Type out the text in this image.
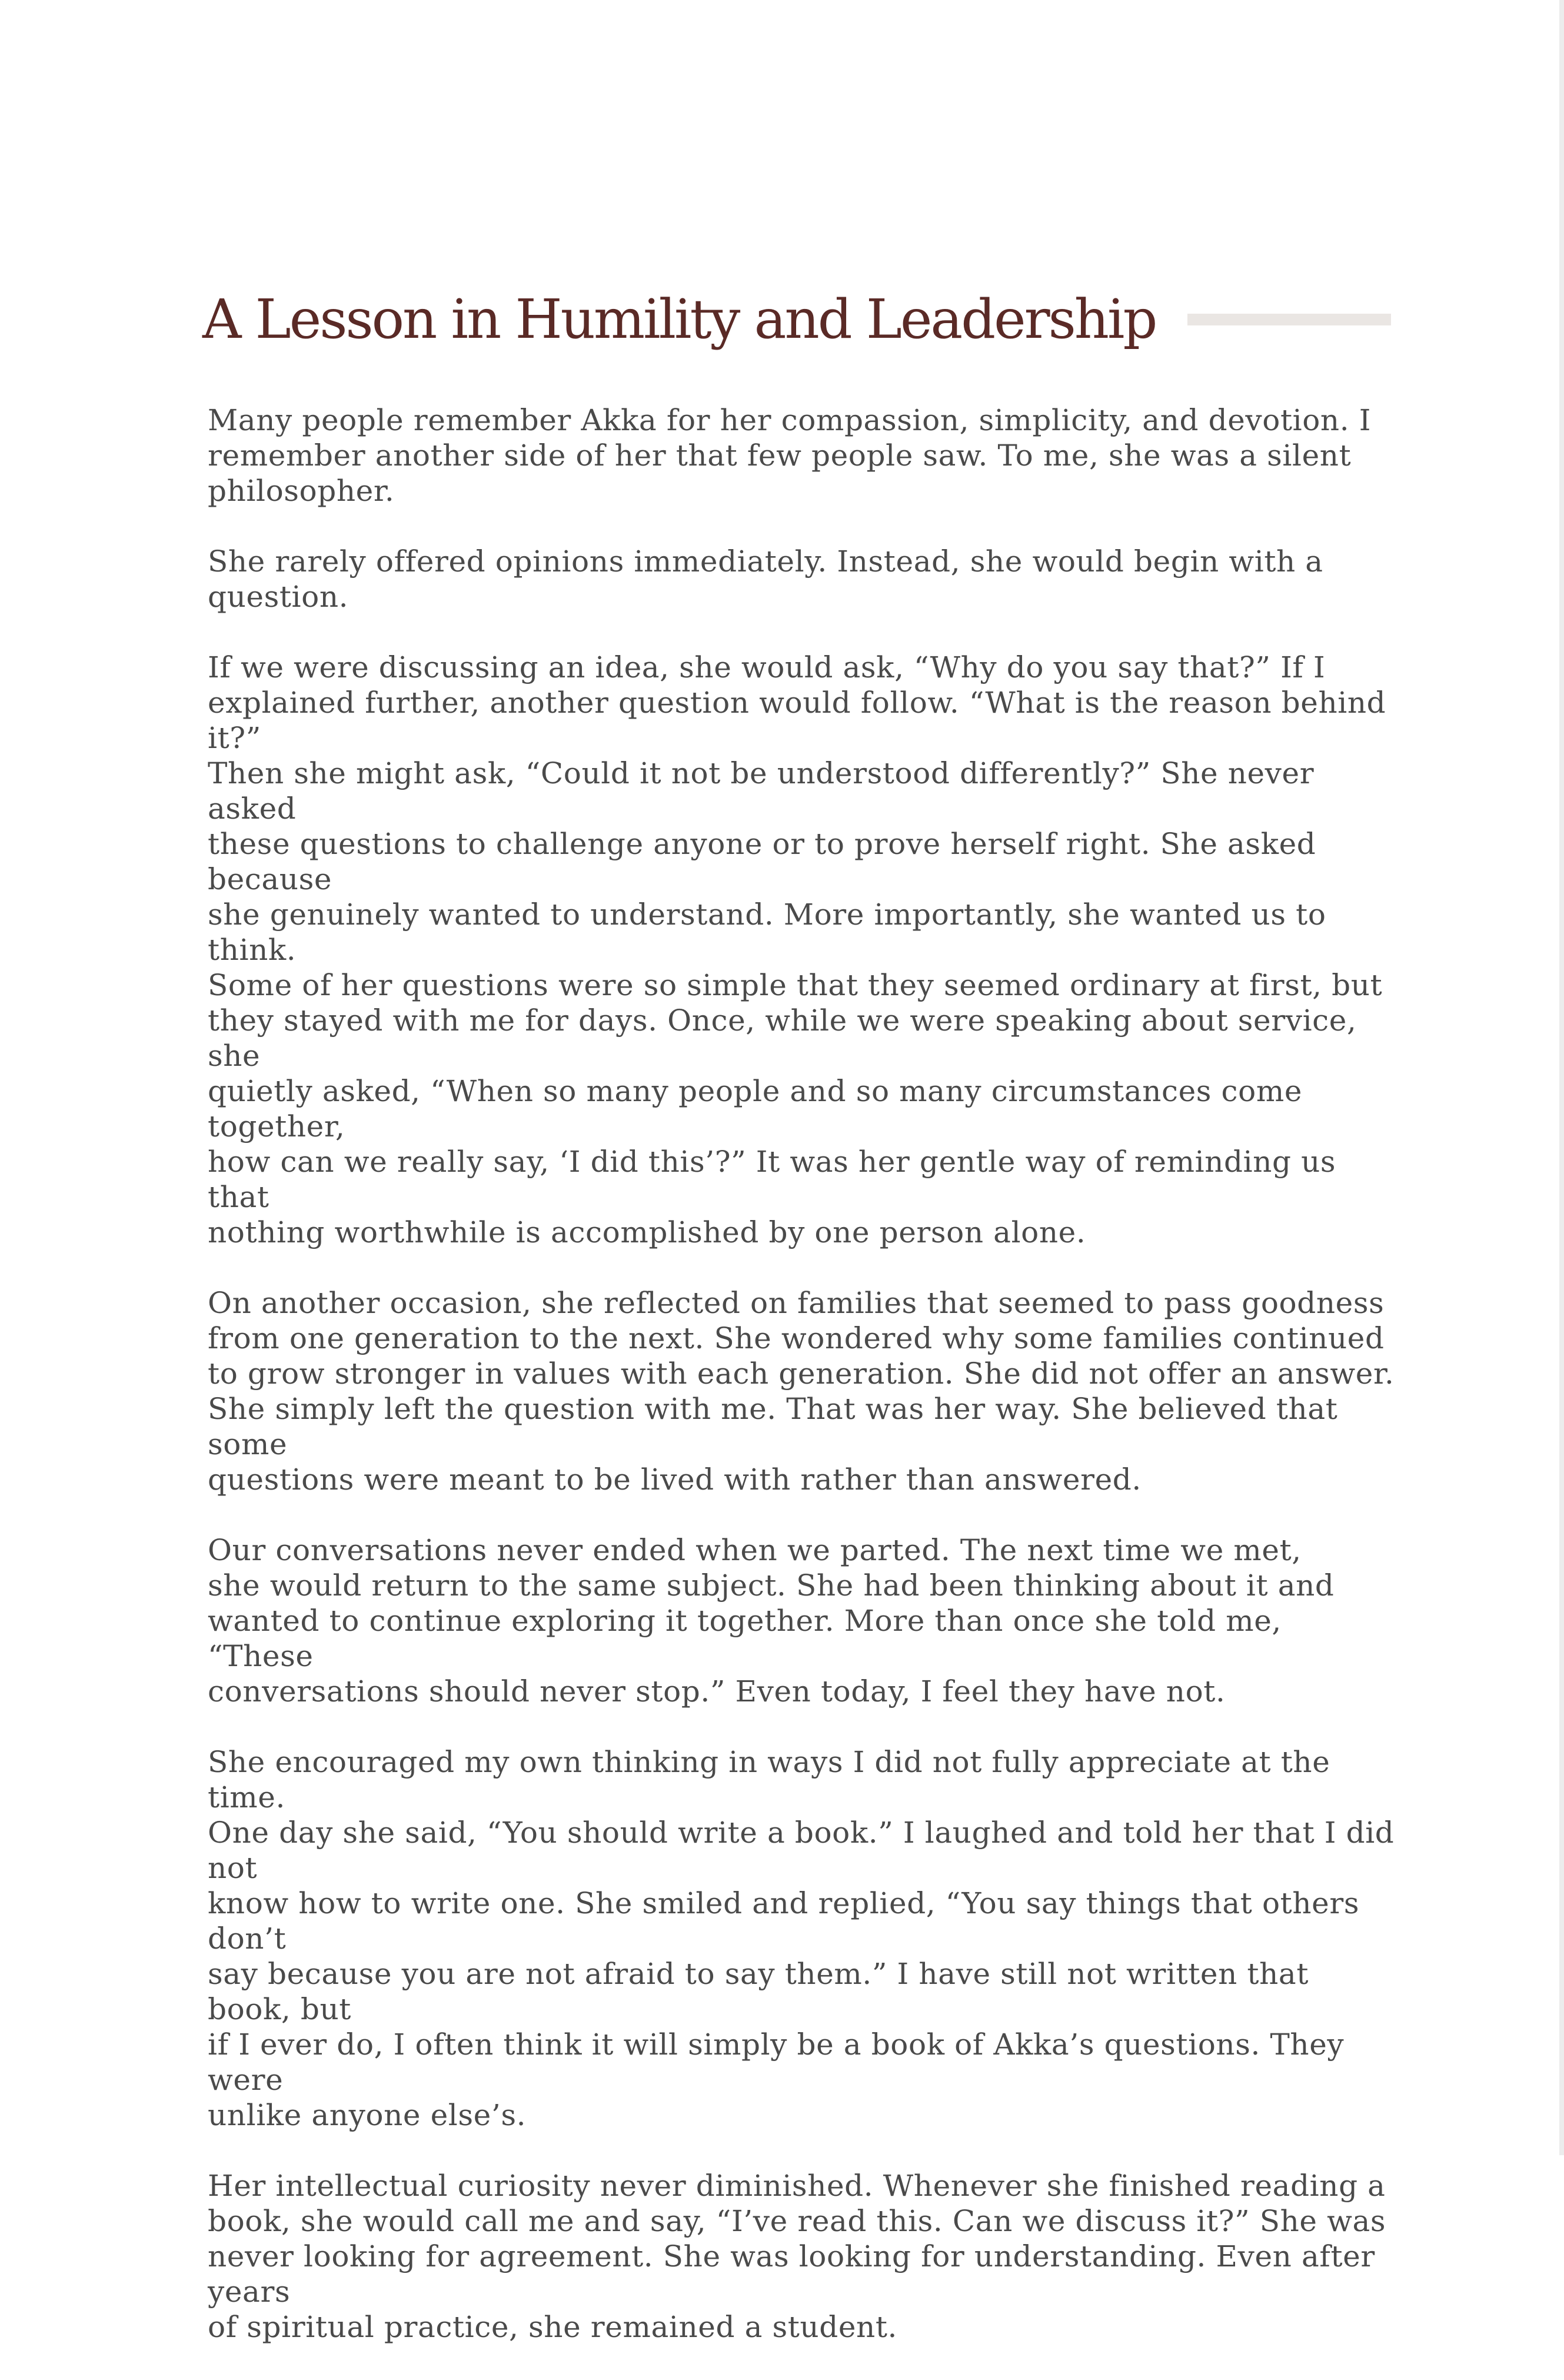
A Lesson in Humility and Leadership

Many people remember Akka for her compassion, simplicity, and devotion. I
remember another side of her that few people saw. To me, she was a silent
philosopher.

She rarely offered opinions immediately. Instead, she would begin with a
question.

If we were discussing an idea, she would ask, “Why do you say that?” If I
explained further, another question would follow. “What is the reason behind it?”
Then she might ask, “Could it not be understood differently?” She never asked
these questions to challenge anyone or to prove herself right. She asked because
she genuinely wanted to understand. More importantly, she wanted us to think.
Some of her questions were so simple that they seemed ordinary at first, but
they stayed with me for days. Once, while we were speaking about service, she
quietly asked, “When so many people and so many circumstances come together,
how can we really say, ‘I did this’?” It was her gentle way of reminding us that
nothing worthwhile is accomplished by one person alone.

On another occasion, she reflected on families that seemed to pass goodness
from one generation to the next. She wondered why some families continued
to grow stronger in values with each generation. She did not offer an answer.
She simply left the question with me. That was her way. She believed that some
questions were meant to be lived with rather than answered.

Our conversations never ended when we parted. The next time we met,
she would return to the same subject. She had been thinking about it and
wanted to continue exploring it together. More than once she told me, “These
conversations should never stop.” Even today, I feel they have not.

She encouraged my own thinking in ways I did not fully appreciate at the time.
One day she said, “You should write a book.” I laughed and told her that I did not
know how to write one. She smiled and replied, “You say things that others don’t
say because you are not afraid to say them.” I have still not written that book, but
if I ever do, I often think it will simply be a book of Akka’s questions. They were
unlike anyone else’s.

Her intellectual curiosity never diminished. Whenever she finished reading a
book, she would call me and say, “I’ve read this. Can we discuss it?” She was
never looking for agreement. She was looking for understanding. Even after years
of spiritual practice, she remained a student.
